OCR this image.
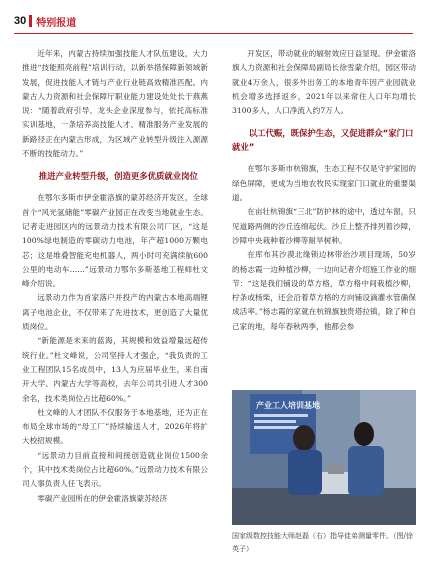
30 特别报道

近年来，内蒙古持续加强技能人才队伍建设，大力推进“技能照亮前程”培训行动，以新举措保障新领域新发展，促进技能人才链与产业行业链高效精准匹配。内蒙古人力资源和社会保障厅职业能力建设处处长于燕燕说：“随着政府引导、龙头企业深度参与，依托高标准实训基地，一条培养高技能人才、精准服务产业发展的新路径正在内蒙古形成，为区域产业转型升级注入源源不断的技能动力。”

推进产业转型升级，创造更多优质就业岗位

在鄂尔多斯市伊金霍洛旗的蒙苏经济开发区，全球首个“风光氢储能”零碳产业园正在改变当地就业生态。记者走进园区内的远景动力技术有限公司厂区，“这是100%绿电制造的零碳动力电池，年产超1000万颗电芯；这是堆叠智能充电机器人，两小时可充满续航600公里的电动车……”远景动力鄂尔多斯基地工程师杜文峰介绍说。

远景动力作为首家落户并投产的内蒙古本地高端锂离子电池企业，不仅带来了先进技术，更创造了大量优质岗位。

“新能源是未来的蓝海，其规模和效益增量远超传统行业。”杜文峰说，公司坚持人才强企，“我负责的工业工程团队15名成员中，13人为应届毕业生，来自南开大学、内蒙古大学等高校，去年公司共引进人才300余名，技术类岗位占比超60%。”

杜文峰的人才团队不仅服务于本地基地，还为正在布局全球市场的“母工厂”持续输送人才，2026年将扩大校招规模。

“远景动力目前直接和间接创造就业岗位1500余个，其中技术类岗位占比超60%。”远景动力技术有限公司人事负责人任飞表示。

零碳产业园所在的伊金霍洛旗蒙苏经济

开发区，带动就业的辐射效应日益显现。伊金霍洛旗人力资源和社会保障局副局长徐雪蒙介绍，园区带动就业4万余人，很多外出务工的本地青年因产业园就业机会增多选择返乡，2021年以来常住人口年均增长3100多人，人口净流入约7万人。

以工代赈，既保护生态，又促进群众“家门口就业”

在鄂尔多斯市杭锦旗，生态工程不仅是守护家园的绿色屏障，更成为当地农牧民实现家门口就业的重要渠道。

在亩壮杭锦旗“三北”防护林的途中，透过车窗，只见道路两侧的沙丘连绵起伏。沙丘上整齐排列着沙障，沙障中央栽种着沙柳等耐旱树种。

在库布其沙漠北缘锁边林带治沙项目现场，50岁的杨志霞一边种植沙柳，一边向记者介绍施工作业的细节：“这是我们铺设的草方格，草方格中间栽植沙柳，柠条或杨柴，还会沿着草方格的方向铺设滴灌水管确保成活率。”杨志霞的家就在杭锦旗独贵塔拉镇，除了种自己家的地，每年春秋两季，他都会参

产业工人培训基地

国家级数控技能大师赵磊（右）指导徒弟测量零件。（图/徐英子）
